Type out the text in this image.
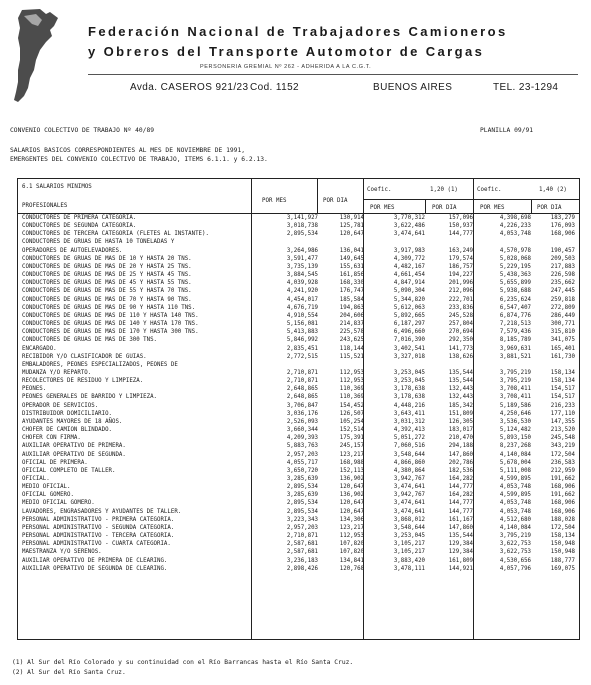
Federación Nacional de Trabajadores Camioneros
y Obreros del Transporte Automotor de Cargas
PERSONERIA GREMIAL Nº 262 - ADHERIDA A LA C.G.T.
Avda. CASEROS 921/23 Cod. 1152	BUENOS AIRES	TEL. 23-1294
CONVENIO COLECTIVO DE TRABAJO Nº 40/89	PLANILLA 09/91
SALARIOS BASICOS CORRESPONDIENTES AL MES DE NOVIEMBRE DE 1991,
EMERGENTES DEL CONVENIO COLECTIVO DE TRABAJO, ITEMS 6.1.1. y 6.2.13.
6.1 SALARIOS MINIMOS
PROFESIONALES
POR MES	POR DIA
Coefic.	1,20 (1)	Coefic.	1,40 (2)
POR MES	POR DIA	POR MES	POR DIA
CONDUCTORES DE PRIMERA CATEGORIA.	3,141,927	130,914	3,770,312	157,096	4,398,698	183,279
CONDUCTORES DE SEGUNDA CATEGORIA.	3,018,738	125,781	3,622,486	150,937	4,226,233	176,093
CONDUCTORES DE TERCERA CATEGORIA (FLETES AL INSTANTE).	2,895,534	120,647	3,474,641	144,777	4,053,748	168,906
CONDUCTORES DE GRUAS DE HASTA 10 TONELADAS Y
OPERADORES DE AUTOELEVADORES.	3,264,986	136,041	3,917,983	163,249	4,570,978	190,457
CONDUCTORES DE GRUAS DE MAS DE 10 Y HASTA 20 TNS.	3,591,477	149,645	4,309,772	179,574	5,028,068	209,503
CONDUCTORES DE GRUAS DE MAS DE 20 Y HASTA 25 TNS.	3,735,139	155,631	4,482,167	186,757	5,229,195	217,883
CONDUCTORES DE GRUAS DE MAS DE 25 Y HASTA 45 TNS.	3,884,545	161,856	4,661,454	194,227	5,438,363	226,598
CONDUCTORES DE GRUAS DE MAS DE 45 Y HASTA 55 TNS.	4,039,928	168,330	4,847,914	201,996	5,655,899	235,662
CONDUCTORES DE GRUAS DE MAS DE 55 Y HASTA 70 TNS.	4,241,920	176,747	5,090,304	212,096	5,938,688	247,445
CONDUCTORES DE GRUAS DE MAS DE 70 Y HASTA 90 TNS.	4,454,017	185,584	5,344,820	222,701	6,235,624	259,818
CONDUCTORES DE GRUAS DE MAS DE 90 Y HASTA 110 TNS.	4,676,719	194,863	5,612,063	233,836	6,547,407	272,809
CONDUCTORES DE GRUAS DE MAS DE 110 Y HASTA 140 TNS.	4,910,554	204,606	5,892,665	245,528	6,874,776	286,449
CONDUCTORES DE GRUAS DE MAS DE 140 Y HASTA 170 TNS.	5,156,081	214,837	6,187,297	257,804	7,218,513	300,771
CONDUCTORES DE GRUAS DE MAS DE 170 Y HASTA 300 TNS.	5,413,883	225,578	6,496,660	270,694	7,579,436	315,810
CONDUCTORES DE GRUAS DE MAS DE 300 TNS.	5,846,992	243,625	7,016,390	292,350	8,185,789	341,075
ENCARGADO.	2,835,451	118,144	3,402,541	141,773	3,969,631	165,401
RECIBIDOR Y/O CLASIFICADOR DE GUIAS.	2,772,515	115,521	3,327,018	138,626	3,881,521	161,730
EMBALADORES, PEONES ESPECIALIZADOS, PEONES DE
MUDANZA Y/O REPARTO.	2,710,871	112,953	3,253,045	135,544	3,795,219	158,134
RECOLECTORES DE RESIDUO Y LIMPIEZA.	2,710,871	112,953	3,253,045	135,544	3,795,219	158,134
PEONES.	2,648,865	110,369	3,178,638	132,443	3,708,411	154,517
PEONES GENERALES DE BARRIDO Y LIMPIEZA.	2,648,865	110,369	3,178,638	132,443	3,708,411	154,517
OPERADOR DE SERVICIOS.	3,706,847	154,452	4,448,216	185,342	5,189,586	216,233
DISTRIBUIDOR DOMICILIARIO.	3,036,176	126,507	3,643,411	151,809	4,250,646	177,110
AYUDANTES MAYORES DE 18 AÑOS.	2,526,093	105,254	3,031,312	126,305	3,536,530	147,355
CHOFER DE CAMION BLINDADO.	3,660,344	152,514	4,392,413	183,017	5,124,482	213,520
CHOFER CON FIRMA.	4,209,393	175,391	5,051,272	210,470	5,893,150	245,548
AUXILIAR OPERATIVO DE PRIMERA.	5,883,763	245,157	7,060,516	294,188	8,237,268	343,219
AUXILIAR OPERATIVO DE SEGUNDA.	2,957,203	123,217	3,548,644	147,860	4,140,084	172,504
OFICIAL DE PRIMERA.	4,055,717	168,988	4,866,860	202,786	5,678,004	236,583
OFICIAL COMPLETO DE TALLER.	3,650,720	152,113	4,380,864	182,536	5,111,008	212,959
OFICIAL.	3,285,639	136,902	3,942,767	164,282	4,599,895	191,662
MEDIO OFICIAL.	2,895,534	120,647	3,474,641	144,777	4,053,748	168,906
OFICIAL GOMERO.	3,285,639	136,902	3,942,767	164,282	4,599,895	191,662
MEDIO OFICIAL GOMERO.	2,895,534	120,647	3,474,641	144,777	4,053,748	168,906
LAVADORES, ENGRASADORES Y AYUDANTES DE TALLER.	2,895,534	120,647	3,474,641	144,777	4,053,748	168,906
PERSONAL ADMINISTRATIVO - PRIMERA CATEGORIA.	3,223,343	134,306	3,868,012	161,167	4,512,680	188,028
PERSONAL ADMINISTRATIVO - SEGUNDA CATEGORIA.	2,957,203	123,217	3,548,644	147,860	4,140,084	172,504
PERSONAL ADMINISTRATIVO - TERCERA CATEGORIA.	2,710,871	112,953	3,253,045	135,544	3,795,219	158,134
PERSONAL ADMINISTRATIVO - CUARTA CATEGORIA.	2,587,681	107,820	3,105,217	129,384	3,622,753	150,948
MAESTRANZA Y/O SERENOS.	2,587,681	107,820	3,105,217	129,384	3,622,753	150,948
AUXILIAR OPERATIVO DE PRIMERA DE CLEARING.	3,236,183	134,841	3,883,420	161,809	4,530,656	188,777
AUXILIAR OPERATIVO DE SEGUNDA DE CLEARING.	2,898,426	120,768	3,478,111	144,921	4,057,796	169,075
(1) Al Sur del Río Colorado y su continuidad con el Río Barrancas hasta el Río Santa Cruz.
(2) Al Sur del Río Santa Cruz.
